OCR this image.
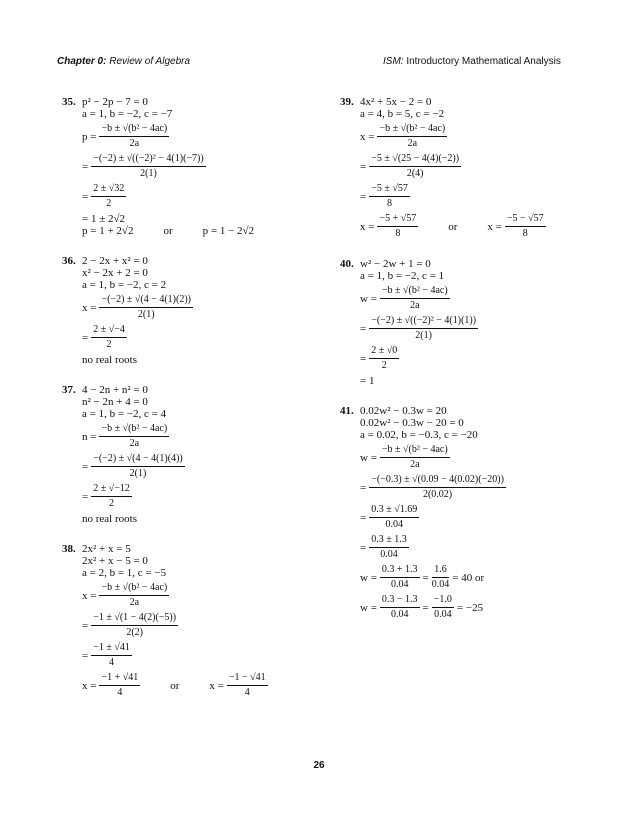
Chapter 0: Review of Algebra	ISM: Introductory Mathematical Analysis
35. p² − 2p − 7 = 0
a = 1, b = −2, c = −7
$p = \frac{\text{−b ± √(b² − 4ac)}}{2a}$
= $\frac{\text{−(−2) ± √((−2)² − 4(1)(−7))}}{2(1)}$
= $\frac{2 \pm √32}{2}$
= 1 ± 2√2
p = 1 + 2√2	or	p = 1 − 2√2
36. 2 − 2x + x² = 0
x² − 2x + 2 = 0
a = 1, b = −2, c = 2
$x = \frac{-(-2) \pm √(4 - 4(1)(2))}{2(1)}$
= $\frac{2 \pm √-4}{2}$
no real roots
37. 4 − 2n + n² = 0
n² − 2n + 4 = 0
a = 1, b = −2, c = 4
$n = \frac{\text{−b ± √(b² − 4ac)}}{2a}$
= $\frac{-(-2) \pm √(4 - 4(1)(4))}{2(1)}$
= $\frac{2 \pm √-12}{2}$
no real roots
38. 2x² + x = 5
2x² + x − 5 = 0
a = 2, b = 1, c = −5
$x = \frac{\text{−b ± √(b² − 4ac)}}{2a}$
= $\frac{-1 \pm √(1 - 4(2)(-5))}{2(2)}$
= $\frac{-1 \pm √41}{4}$
$x = \frac{-1 + √41}{4}$	or	$x = \frac{-1 - √41}{4}$
39. 4x² + 5x − 2 = 0
a = 4, b = 5, c = −2
$x = \frac{\text{−b ± √(b² − 4ac)}}{2a}$
= $\frac{-5 \pm √(25 - 4(4)(-2))}{2(4)}$
= $\frac{-5 \pm √57}{8}$
$x = \frac{-5 + √57}{8}$	or	$x = \frac{-5 - √57}{8}$
40. w² − 2w + 1 = 0
a = 1, b = −2, c = 1
$w = \frac{\text{−b ± √(b² − 4ac)}}{2a}$
= $\frac{\text{−(−2) ± √((−2)² − 4(1)(1))}}{2(1)}$
= $\frac{2 \pm √0}{2}$
= 1
41. 0.02w² − 0.3w = 20
0.02w² − 0.3w − 20 = 0
a = 0.02, b = −0.3, c = −20
$w = \frac{\text{−b ± √(b² − 4ac)}}{2a}$
= $\frac{-(-0.3) \pm √(0.09 - 4(0.02)(-20))}{2(0.02)}$
= $\frac{0.3 \pm √1.69}{0.04}$
= $\frac{0.3 \pm 1.3}{0.04}$
$w = \frac{0.3 + 1.3}{0.04} = \frac{1.6}{0.04} = 40$ or
$w = \frac{0.3 - 1.3}{0.04} = \frac{-1.0}{0.04} = -25$
26
